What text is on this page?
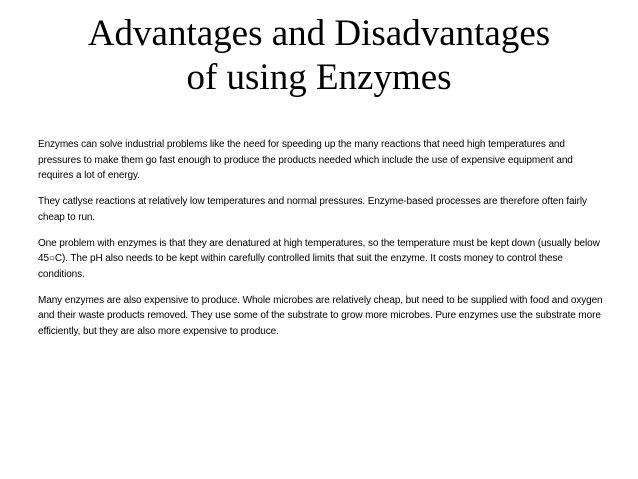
Advantages and Disadvantages
of using Enzymes

Enzymes can solve industrial problems like the need for speeding up the many reactions that need high temperatures and pressures to make them go fast enough to produce the products needed which include the use of expensive equipment and requires a lot of energy.

They catlyse reactions at relatively low temperatures and normal pressures. Enzyme-based processes are therefore often fairly cheap to run.

One problem with enzymes is that they are denatured at high temperatures, so the temperature must be kept down (usually below 45○C). The pH also needs to be kept within carefully controlled limits that suit the enzyme. It costs money to control these conditions.

Many enzymes are also expensive to produce. Whole microbes are relatively cheap, but need to be supplied with food and oxygen and their waste products removed. They use some of the substrate to grow more microbes. Pure enzymes use the substrate more efficiently, but they are also more expensive to produce.
